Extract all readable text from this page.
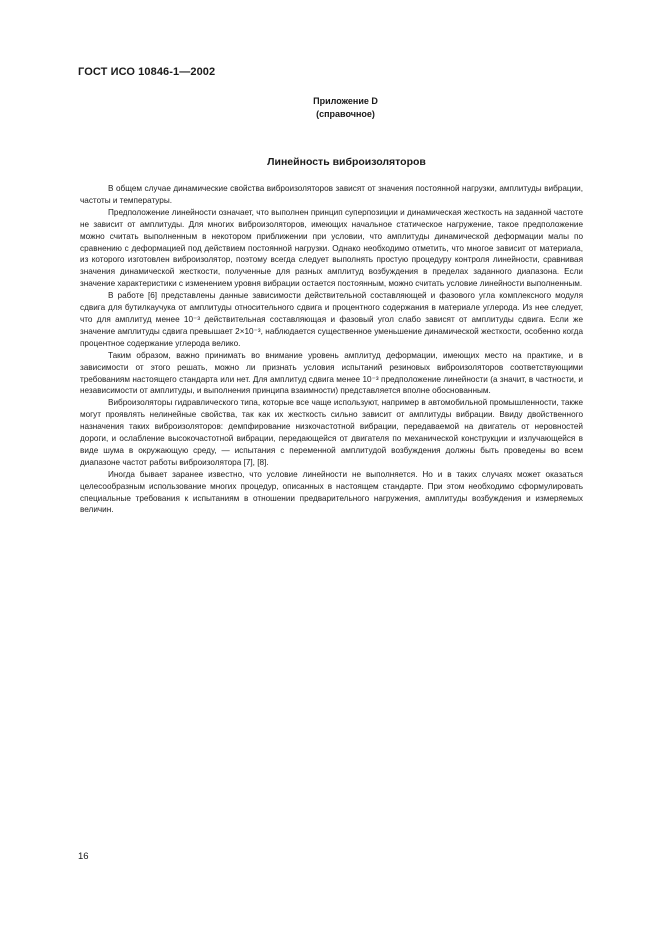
ГОСТ ИСО 10846-1—2002
Приложение D
(справочное)
Линейность виброизоляторов

В общем случае динамические свойства виброизоляторов зависят от значения постоянной нагрузки, амплитуды вибрации, частоты и температуры.

Предположение линейности означает, что выполнен принцип суперпозиции и динамическая жесткость на заданной частоте не зависит от амплитуды. Для многих виброизоляторов, имеющих начальное статическое нагружение, такое предположение можно считать выполненным в некотором приближении при условии, что амплитуды динамической деформации малы по сравнению с деформацией под действием постоянной нагрузки. Однако необходимо отметить, что многое зависит от материала, из которого изготовлен виброизолятор, поэтому всегда следует выполнять простую процедуру контроля линейности, сравнивая значения динамической жесткости, полученные для разных амплитуд возбуждения в пределах заданного диапазона. Если значение характеристики с изменением уровня вибрации остается постоянным, можно считать условие линейности выполненным.

В работе [6] представлены данные зависимости действительной составляющей и фазового угла комплексного модуля сдвига для бутилкаучука от амплитуды относительного сдвига и процентного содержания в материале углерода. Из нее следует, что для амплитуд менее 10⁻³ действительная составляющая и фазовый угол слабо зависят от амплитуды сдвига. Если же значение амплитуды сдвига превышает 2×10⁻³, наблюдается существенное уменьшение динамической жесткости, особенно когда процентное содержание углерода велико.

Таким образом, важно принимать во внимание уровень амплитуд деформации, имеющих место на практике, и в зависимости от этого решать, можно ли признать условия испытаний резиновых виброизоляторов соответствующими требованиям настоящего стандарта или нет. Для амплитуд сдвига менее 10⁻³ предположение линейности (а значит, в частности, и независимости от амплитуды, и выполнения принципа взаимности) представляется вполне обоснованным.

Виброизоляторы гидравлического типа, которые все чаще используют, например в автомобильной промышленности, также могут проявлять нелинейные свойства, так как их жесткость сильно зависит от амплитуды вибрации. Ввиду двойственного назначения таких виброизоляторов: демпфирование низкочастотной вибрации, передаваемой на двигатель от неровностей дороги, и ослабление высокочастотной вибрации, передающейся от двигателя по механической конструкции и излучающейся в виде шума в окружающую среду, — испытания с переменной амплитудой возбуждения должны быть проведены во всем диапазоне частот работы виброизолятора [7], [8].

Иногда бывает заранее известно, что условие линейности не выполняется. Но и в таких случаях может оказаться целесообразным использование многих процедур, описанных в настоящем стандарте. При этом необходимо сформулировать специальные требования к испытаниям в отношении предварительного нагружения, амплитуды возбуждения и измеряемых величин.

16
